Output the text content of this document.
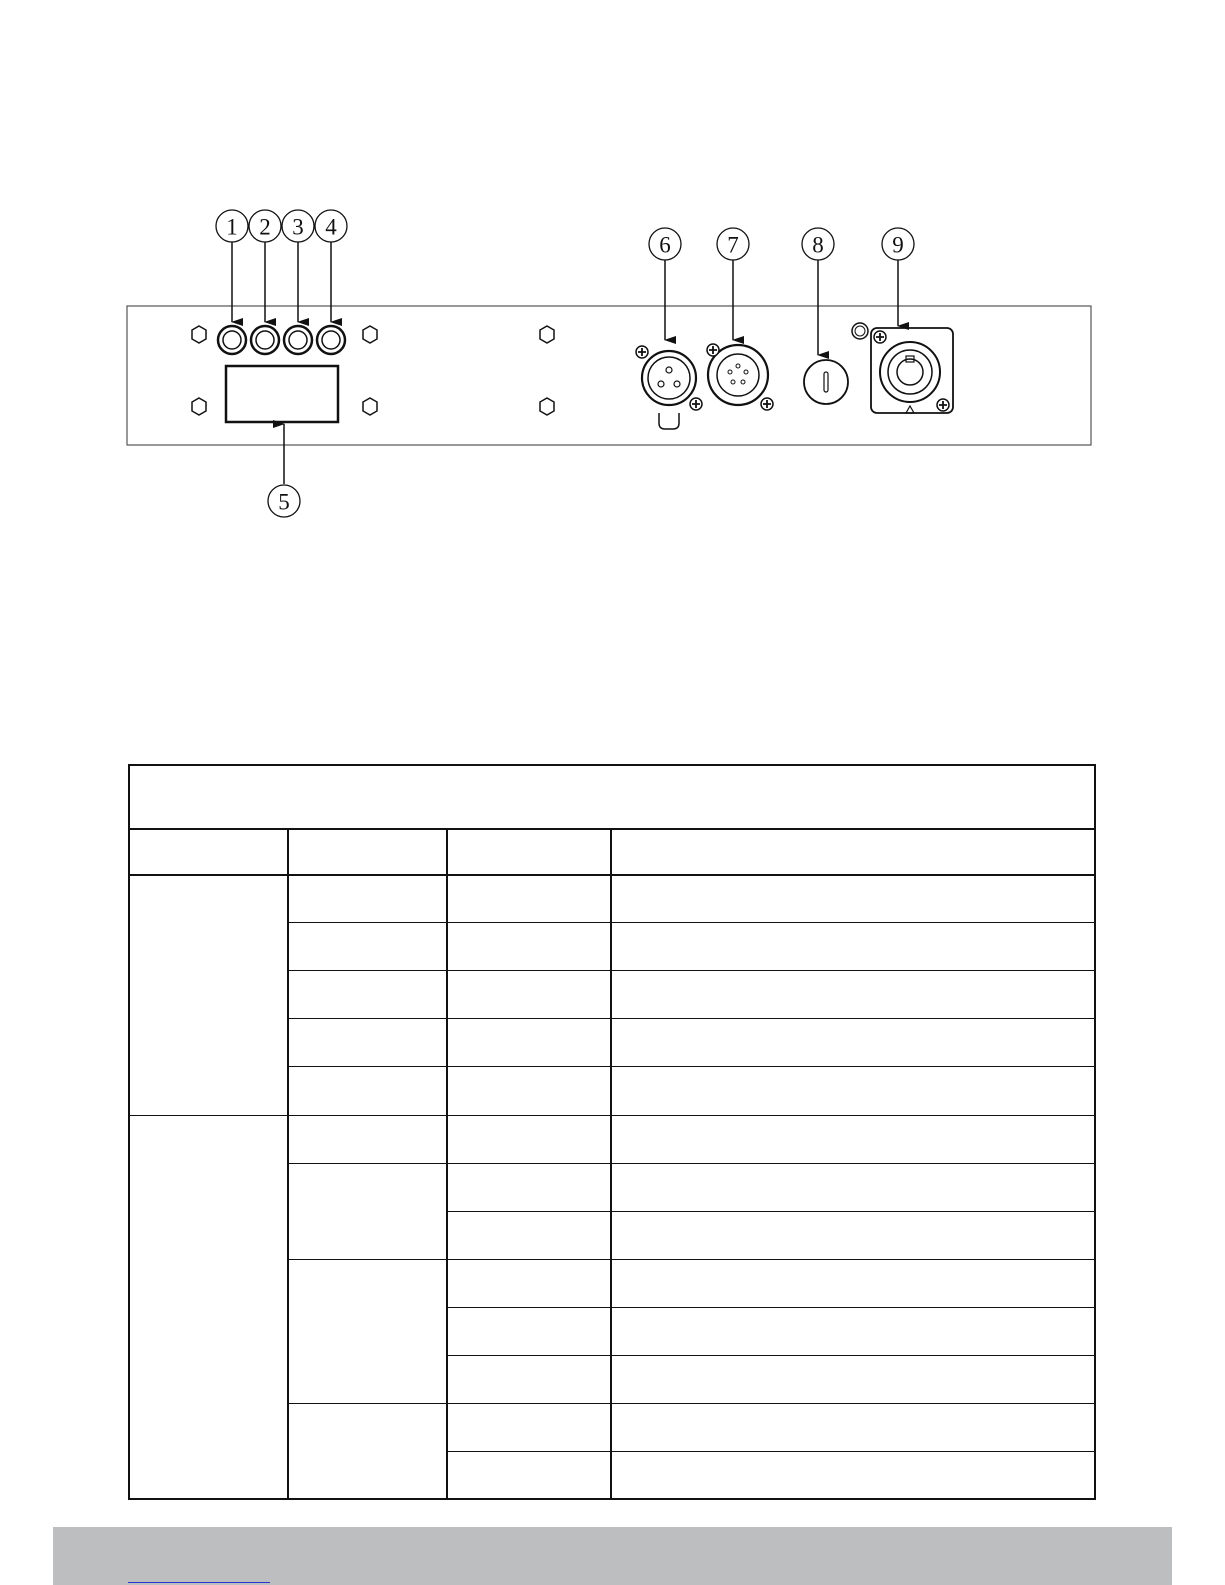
1 2 3 4
6 7	8	9
5
